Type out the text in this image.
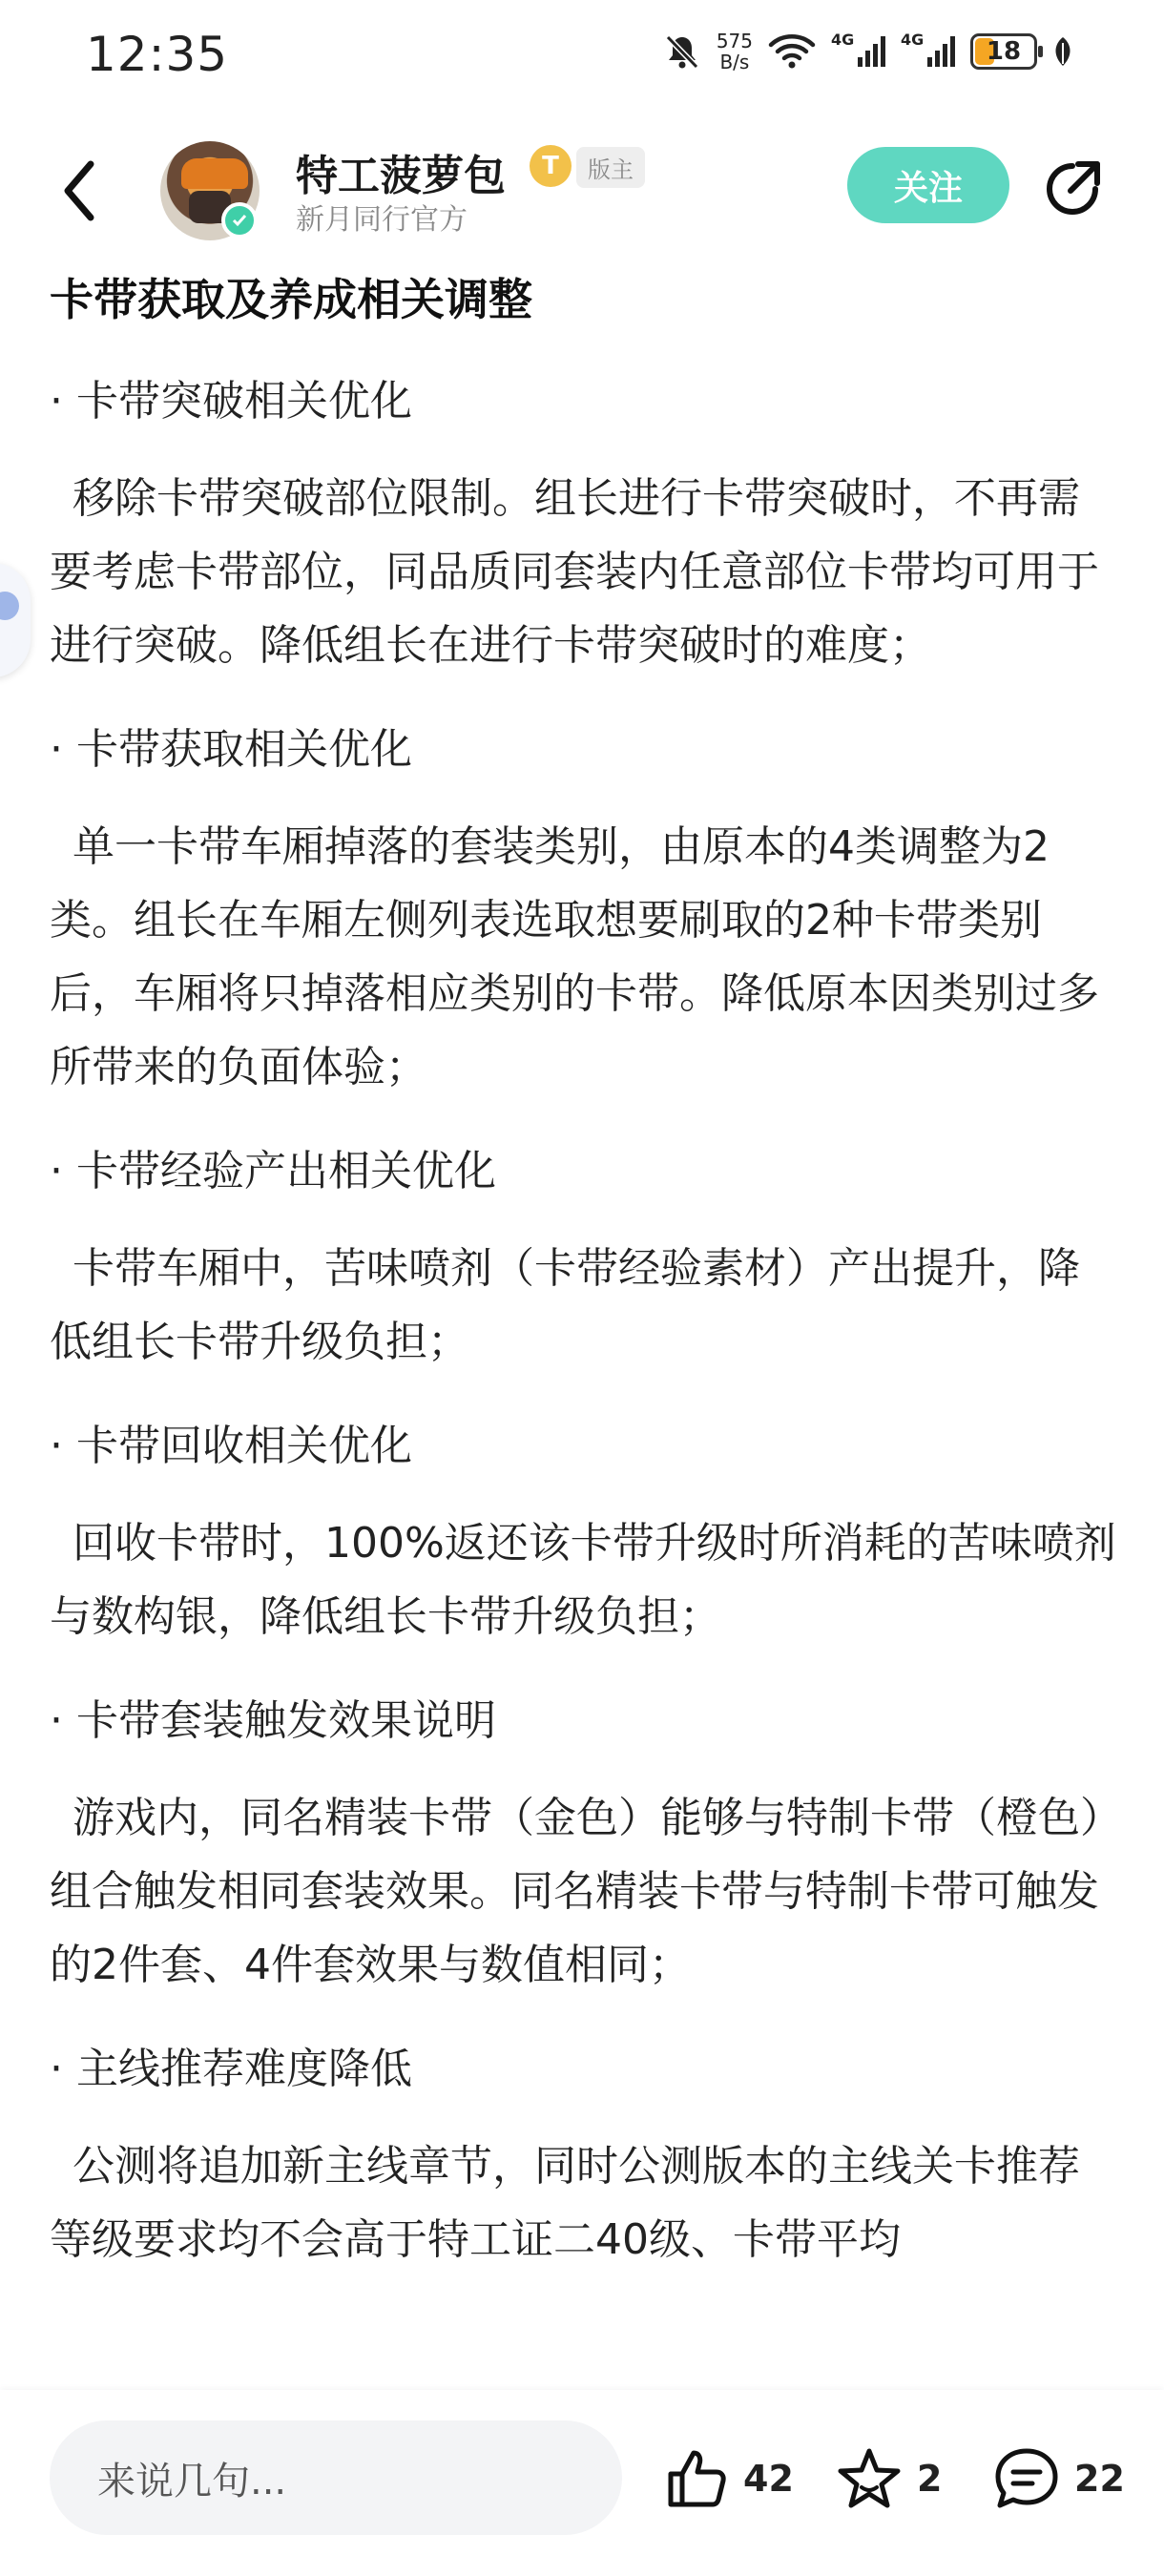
12:35	575
B/s
4G	4G	18
特工菠萝包	T	版主
新月同行官方
关注
卡带获取及养成相关调整
· 卡带突破相关优化
移除卡带突破部位限制。组长进行卡带突破时，不再需要考虑卡带部位，同品质同套装内任意部位卡带均可用于进行突破。降低组长在进行卡带突破时的难度；
· 卡带获取相关优化
单一卡带车厢掉落的套装类别，由原本的4类调整为2类。组长在车厢左侧列表选取想要刷取的2种卡带类别后，车厢将只掉落相应类别的卡带。降低原本因类别过多所带来的负面体验；
· 卡带经验产出相关优化
卡带车厢中，苦味喷剂（卡带经验素材）产出提升，降低组长卡带升级负担；
· 卡带回收相关优化
回收卡带时，100%返还该卡带升级时所消耗的苦味喷剂与数构银，降低组长卡带升级负担；
· 卡带套装触发效果说明
游戏内，同名精装卡带（金色）能够与特制卡带（橙色）组合触发相同套装效果。同名精装卡带与特制卡带可触发的2件套、4件套效果与数值相同；
· 主线推荐难度降低
公测将追加新主线章节，同时公测版本的主线关卡推荐等级要求均不会高于特工证二40级、卡带平均
来说几句...	42	2	22
